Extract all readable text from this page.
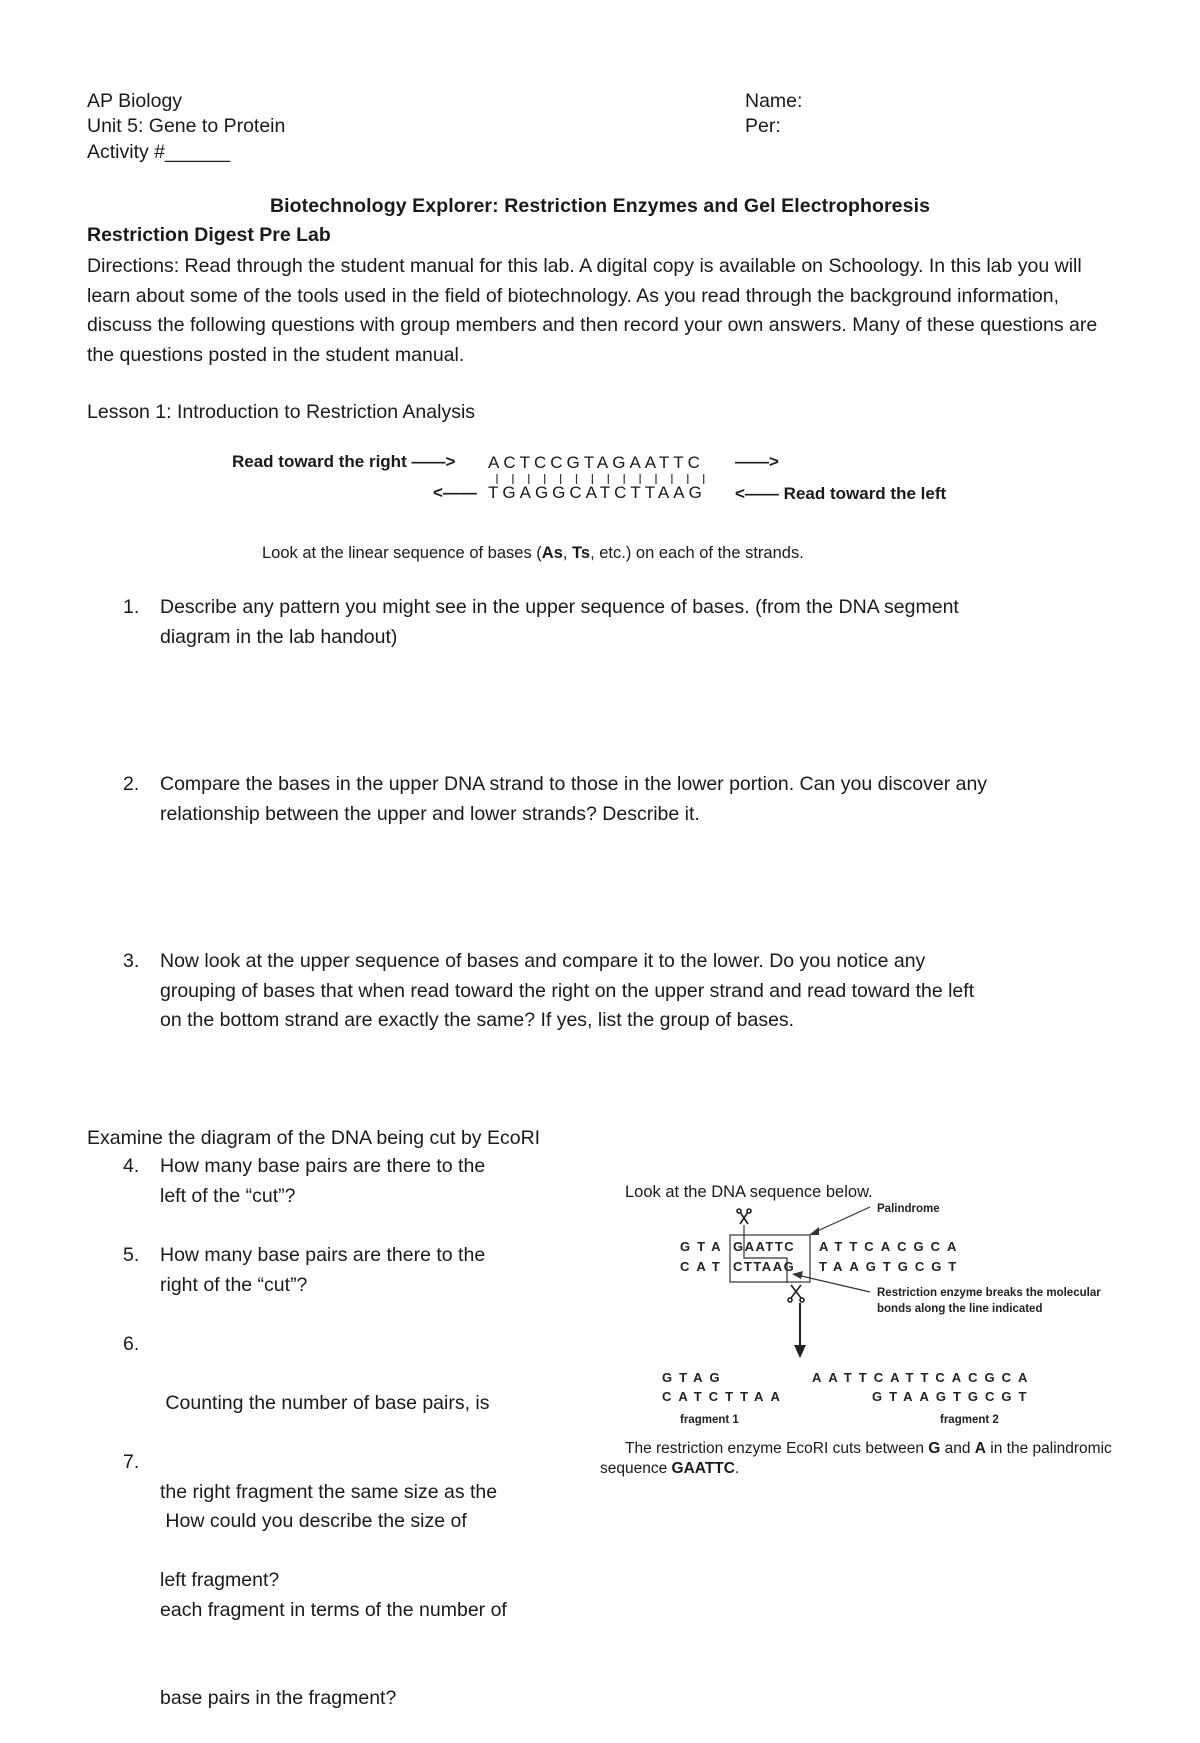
AP Biology
Unit 5: Gene to Protein
Activity #______
Name:
Per:
Biotechnology Explorer: Restriction Enzymes and Gel Electrophoresis
Restriction Digest Pre Lab
Directions: Read through the student manual for this lab. A digital copy is available on Schoology. In this lab you will learn about some of the tools used in the field of biotechnology. As you read through the background information, discuss the following questions with group members and then record your own answers. Many of these questions are the questions posted in the student manual.
Lesson 1: Introduction to Restriction Analysis
Read toward the right ——> ACTCCGTAGAATTC ——>
<—— TGAGGCATCTTAAG <—— Read toward the left
Look at the linear sequence of bases (As, Ts, etc.) on each of the strands.
1. Describe any pattern you might see in the upper sequence of bases. (from the DNA segment
diagram in the lab handout)
2. Compare the bases in the upper DNA strand to those in the lower portion. Can you discover any
relationship between the upper and lower strands? Describe it.
3. Now look at the upper sequence of bases and compare it to the lower. Do you notice any
grouping of bases that when read toward the right on the upper strand and read toward the left
on the bottom strand are exactly the same? If yes, list the group of bases.
Examine the diagram of the DNA being cut by EcoRI
4. How many base pairs are there to the
left of the “cut”?
5. How many base pairs are there to the
right of the “cut”?
6.

Counting the number of base pairs, is

the right fragment the same size as the

left fragment?

7.

How could you describe the size of

each fragment in terms of the number of

base pairs in the fragment?

Look at the DNA sequence below.
Palindrome
Restriction enzyme breaks the molecular
bonds along the line indicated
GTA GAATTC ATTCACGCA
CAT CTTAAG TAAGTGCGT
GTAG
CATCTTAA
AATTCATTCACGCA
GTAAGTGCGT
fragment 1	fragment 2
The restriction enzyme EcoRI cuts between G and A in the palindromic
sequence GAATTC.
